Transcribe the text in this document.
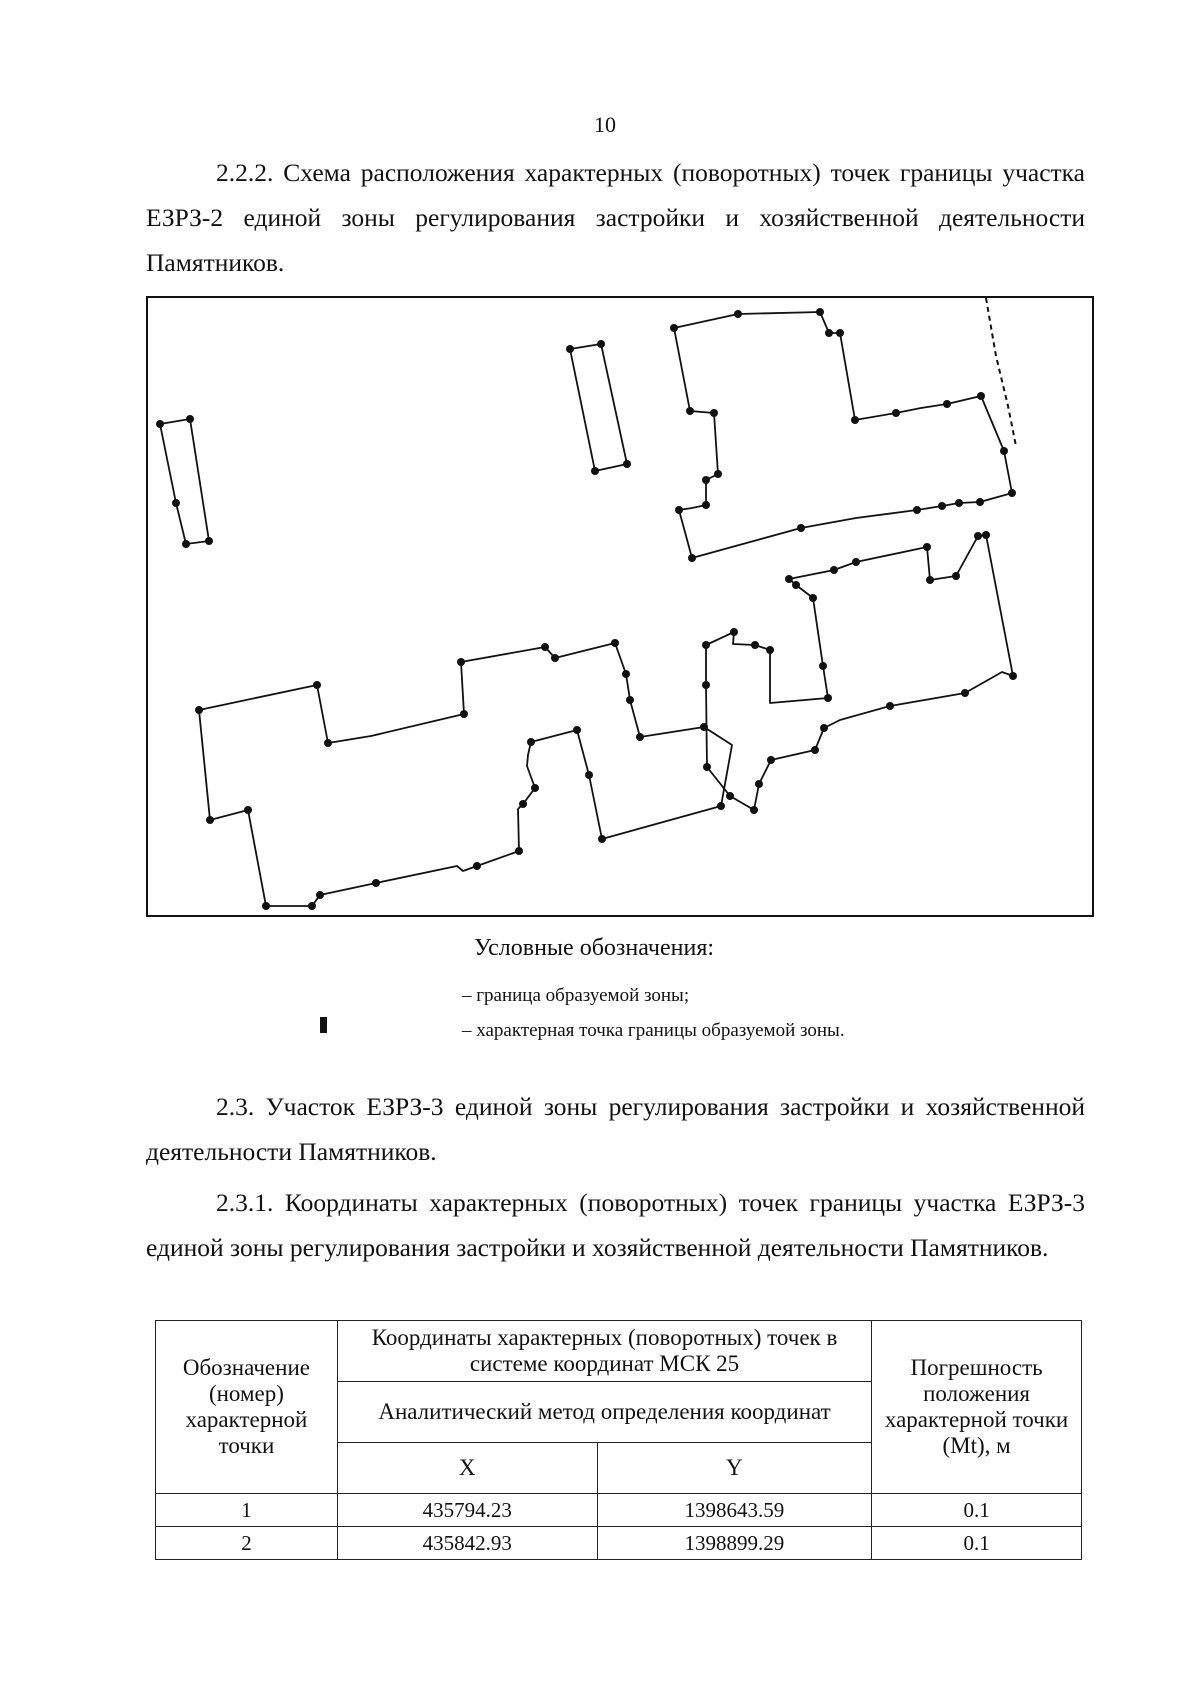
10

2.2.2. Схема расположения характерных (поворотных) точек границы участка ЕЗРЗ-2 единой зоны регулирования застройки и хозяйственной деятельности Памятников.

Условные обозначения:
– граница образуемой зоны;
– характерная точка границы образуемой зоны.

2.3. Участок ЕЗРЗ-3 единой зоны регулирования застройки и хозяйственной деятельности Памятников.

2.3.1. Координаты характерных (поворотных) точек границы участка ЕЗРЗ-3 единой зоны регулирования застройки и хозяйственной деятельности Памятников.

Обозначение (номер) характерной точки	Координаты характерных (поворотных) точек в системе координат МСК 25		Погрешность положения характерной точки (Mt), м
	Аналитический метод определения координат		
	X	Y	
1	435794.23	1398643.59	0.1
2	435842.93	1398899.29	0.1
